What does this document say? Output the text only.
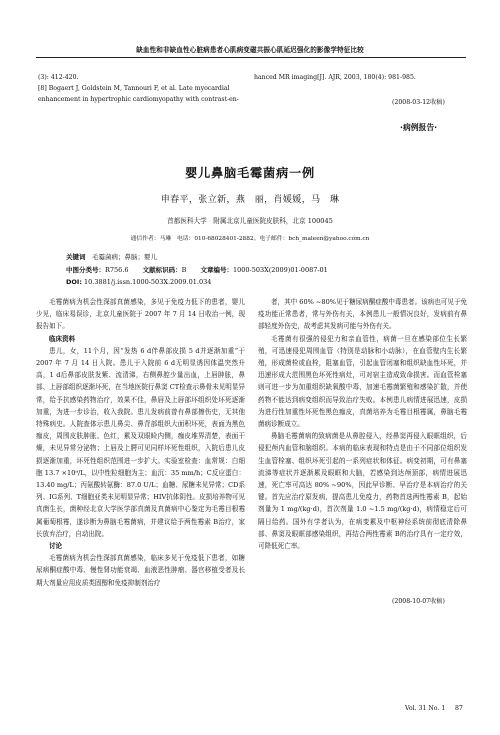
缺血性和非缺血性心脏病患者心肌病变磁共振心肌延迟强化的影像学特征比较
(3): 412-420.
[8] Bogaert J, Goldstein M, Tannouri F, et al. Late myocardial
enhancement in hypertrophic cardiomyopathy with contrast-en-
hanced MR imaging[J]. AJR, 2003, 180(4): 981-985.
(2008-03-12收稿)
·病例报告·
婴儿鼻脑毛霉菌病一例
申春平，张立新，燕　丽，肖媛媛，马　琳
首都医科大学　附属北京儿童医院皮肤科，北京 100045
通信作者：马琳　电话：010-68028401-2882。电子邮件：bch_maleen@yahoo.com.cn
关键词　 毛霉菌病；鼻脑；婴儿
中图分类号：R756.6 文献标识码：B 文章编号：1000-503X(2009)01-0087-01
DOI: 10.3881/j.issn.1000-503X.2009.01.034

毛霉菌病为机会性深部真菌感染，多见于免疫力低下的患者，婴儿少见，临床易误诊，北京儿童医院于 2007 年 7 月 14 日收治一例，现报告如下。

临床资料

患儿，女，11个月，因“发热 6 d伴鼻部皮损 5 d并逐渐加重”于 2007 年 7 月 14 日入院。患儿于入院前 6 d无明显诱因体温突然升高，1 d后鼻部皮肤发紫、流清涕，右侧鼻腔少量出血，上唇肿胀，鼻部、上唇部组织逐渐坏死，在当地医院行鼻窦 CT检查示鼻骨未见明显异常，给予抗感染药物治疗，效果不佳，鼻唇及上唇部坏组织处坏死逐渐加重，为进一步诊治，收入我院。患儿发病前曾有鼻部擦伤史，无其他特殊病史。人院查体示患儿鼻尖、鼻背部组织大面积坏死，表面为黑色痂皮，周围皮肤肿胀、色红，累及双眼睑内侧，痂皮堆界清楚，表面干燥，未见异常分泌物；上唇及上腭可见同样坏死性组织，入院后患儿皮损逐渐加重，坏死性组织范围进一步扩大。实验室检查：血常规：白细胞 13.7 ×10⁹/L，以中性粒细胞为主；血沉：35 mm/h；C反应蛋白：13.40 mg/L；丙氨酸转氨酶：87.0 U/L；血糖、尿糖未见异常；CD系列、IG系列、T细胞亚类未见明显异常；HIV抗体阴性。皮损培养物可见真菌生长，菌种经北京大学医学部真菌及真菌病中心鉴定为毛霉目根霉属葡萄根霉，遂诊断为鼻脑毛霉菌病，并建议给予两性霉素 B治疗，家长放弃治疗，自动出院。

讨论

毛霉菌病为机会性深部真菌感染，临床多见于免疫低下患者，如糖尿病酮症酸中毒、慢性肾功能衰竭、血液恶性肿瘤、器官移植受者及长期大剂量应用皮质类固醇和免疫抑制剂治疗

者，其中 60% ~80%见于糖尿病酮症酸中毒患者。该病也可见于免疫功能正常患者，常与外伤有关，本例患儿一般情况良好，发病前有鼻部轻度外伤史，故考虑其发病可能与外伤有关。

毛霉菌有很强的侵犯力和亲血管性，病菌一旦在感染部位生长繁殖，可迅速侵犯周围血管（特别是动脉和小动脉），在血管壁内生长繁殖，形成菌栓或血栓，阻塞血管，引起血管闭塞和组织缺血性坏死，并迅速形成大范围黑色坏死性病灶，可对宿主造成致命损害。而血管栓塞则可进一步为加重组织缺氧酸中毒，加速毛霉菌繁殖和感染扩散，并使药物不能达到病变组织而导致治疗失败。本例患儿病情进展迅速，皮损为进行性加重性坏死性黑色痂皮，真菌培养为毛霉目根霉属，鼻脑毛霉菌病诊断成立。

鼻脑毛霉菌病的致病菌是从鼻腔侵入，经鼻窦再侵入眼眶组织，后侵犯颅内血管和脑组织。本病的临床表现和特点是由于不同部位组织发生血管栓塞、组织坏死引起的一系列症状和体征。病变初期，可有鼻塞流涕等症状并逐渐累及眼眶和大脑，若感染到达颅顶部，病情进展迅速，死亡率可高达 80% ~90%，因此早诊断、早治疗是本病治疗的关键。首先应治疗原发病，提高患儿免疫力，药物首选两性霉素 B，起始剂量为 1 mg/(kg·d)，首次剂量 1.0 ~1.5 mg/(kg·d)，病情稳定后可隔日给药。国外有学者认为，在病变累及中枢神经系统前彻底清除鼻部、鼻窦及眼眶部感染组织，再结合两性霉素 B的治疗具有一定疗效，可降低死亡率。

(2008-10-07收稿)
Vol. 31 No. 1 87
